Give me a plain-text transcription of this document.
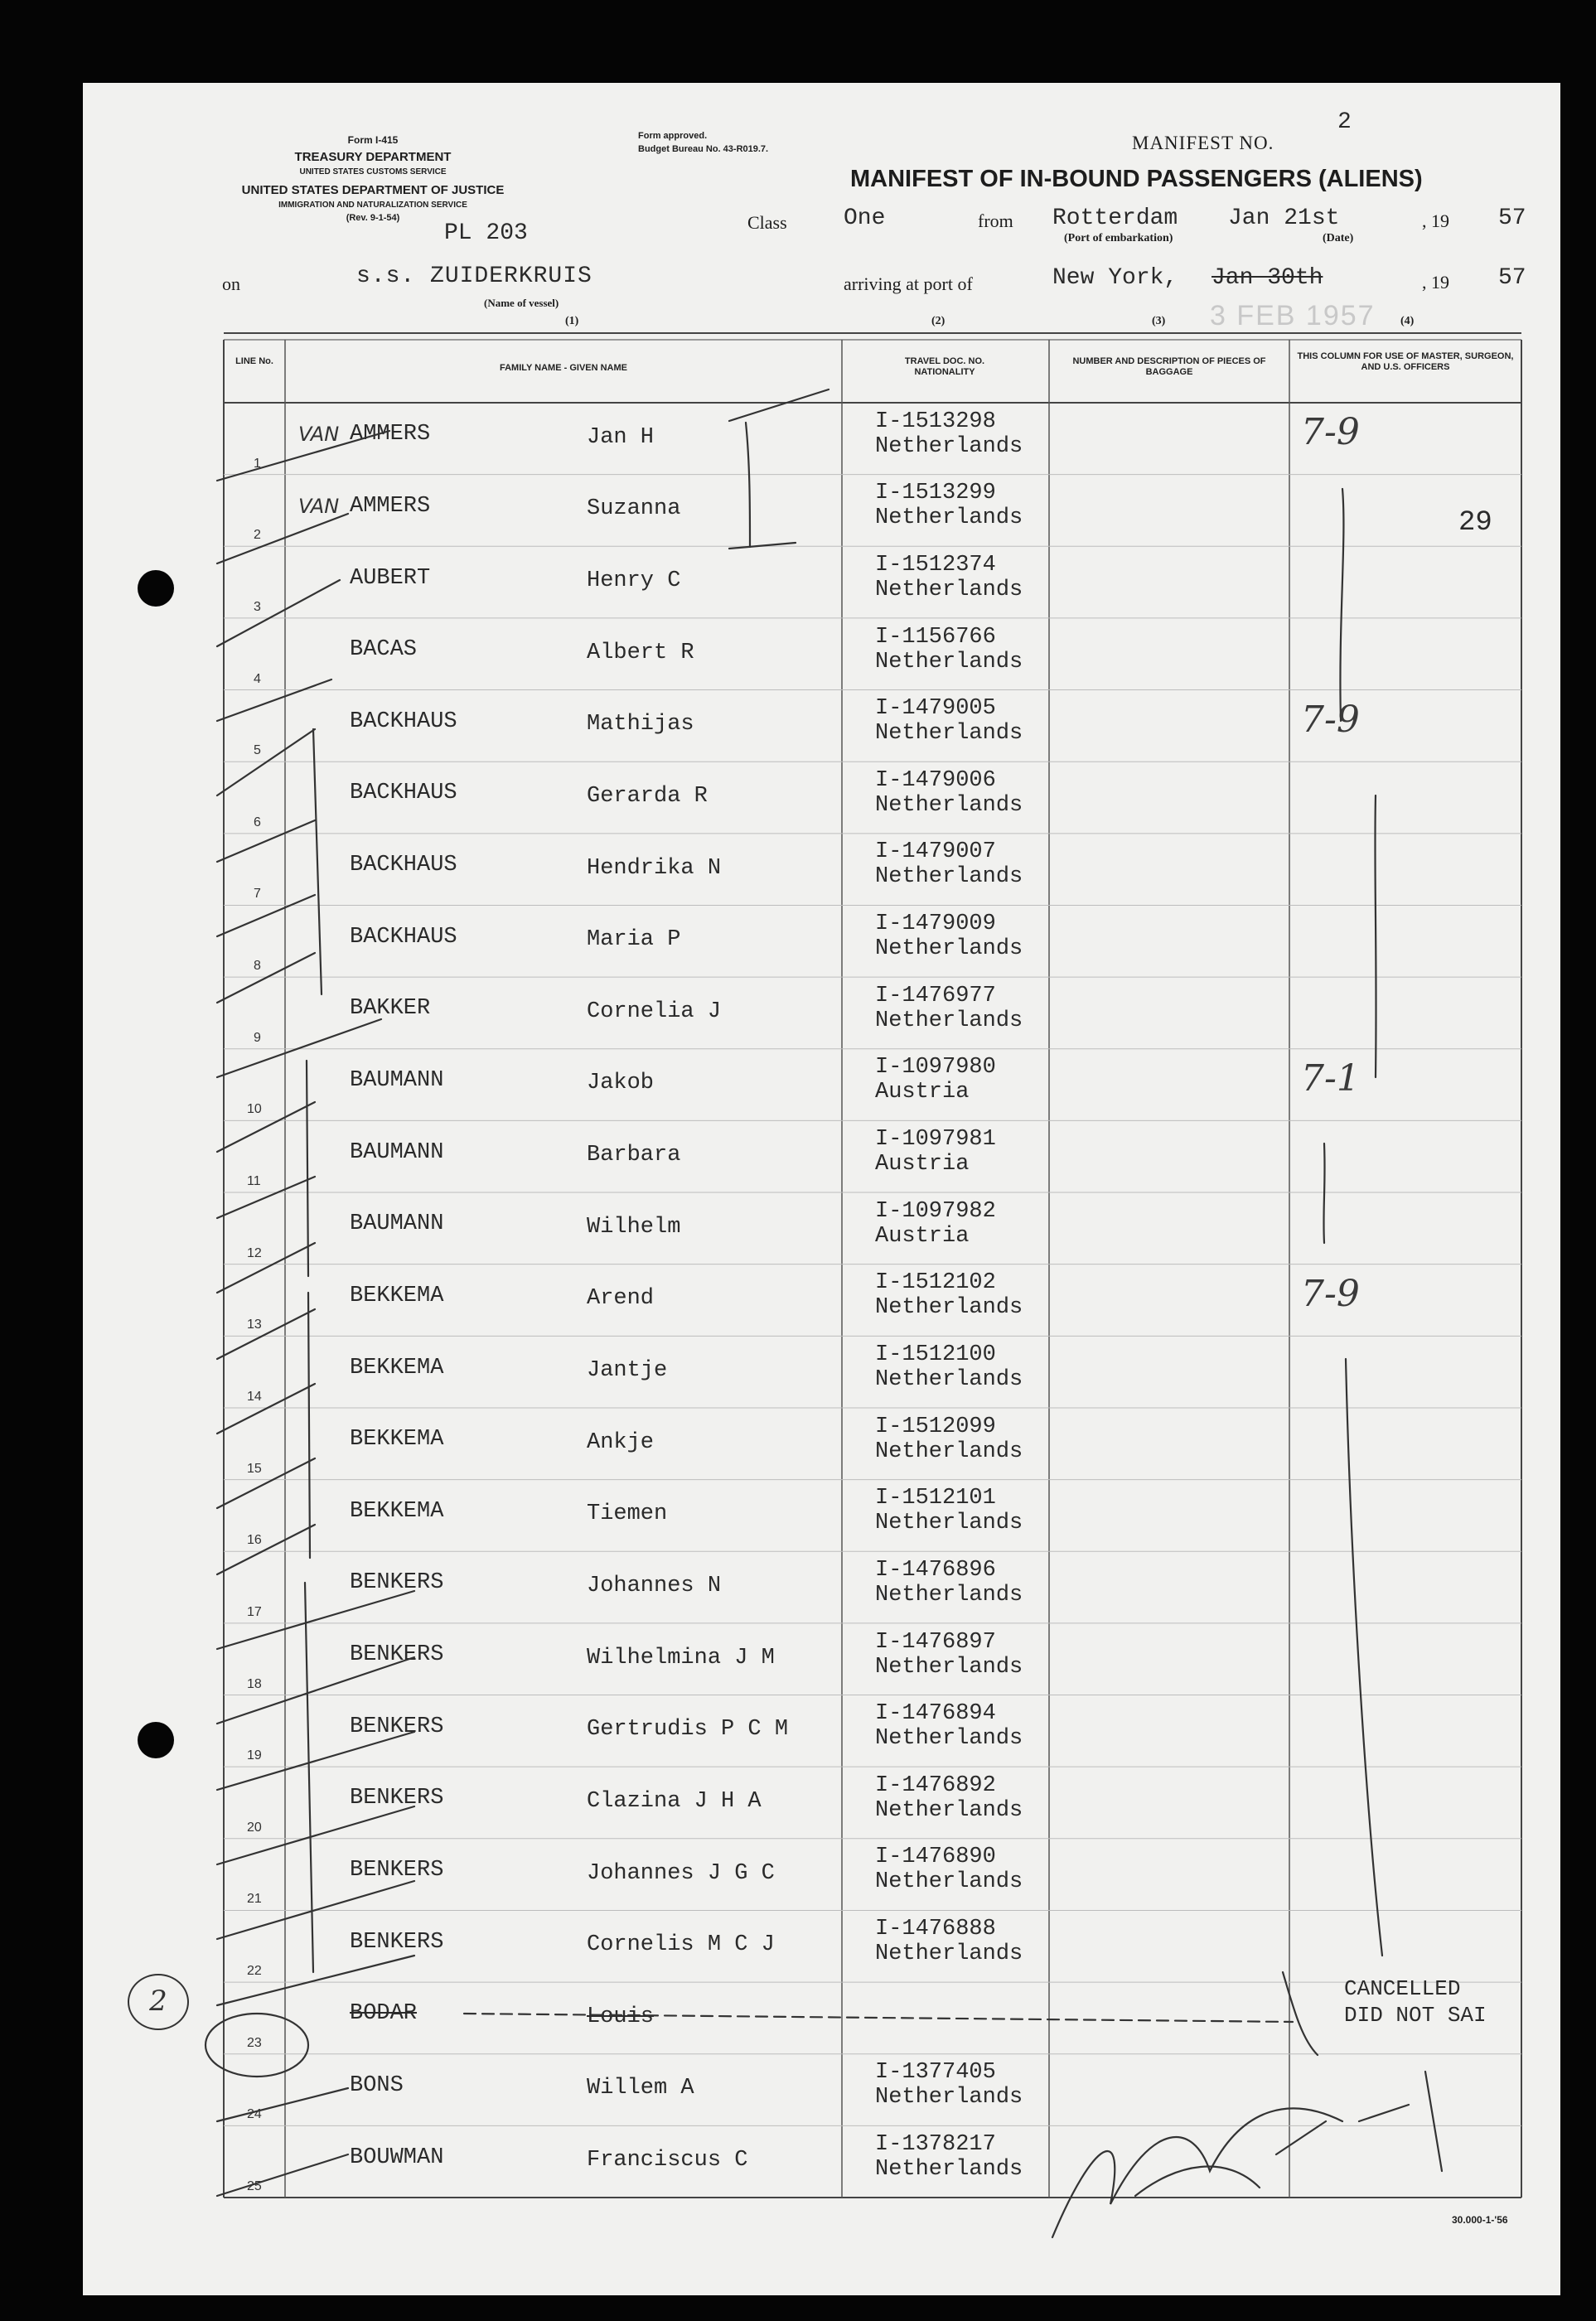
Form I-415
TREASURY DEPARTMENT
UNITED STATES CUSTOMS SERVICE
UNITED STATES DEPARTMENT OF JUSTICE
IMMIGRATION AND NATURALIZATION SERVICE
(Rev. 9-1-54)
PL 203
Form approved.
Budget Bureau No. 43-R019.7.	MANIFEST NO.
2
MANIFEST OF IN-BOUND PASSENGERS (ALIENS)
Class One	from Rotterdam Jan 21st
(Port of embarkation)	(Date)
, 19 57
on	s.s. ZUIDERKRUIS
(Name of vessel)
arriving at port of	New York, Jan 30th	, 19 57
3 FEB 1957
(1)	(2)	(3)	(4)
LINE No.
FAMILY NAME - GIVEN NAME
TRAVEL DOC. NO. NATIONALITY
NUMBER AND DESCRIPTION OF PIECES OF BAGGAGE
THIS COLUMN FOR USE OF MASTER, SURGEON, AND U.S. OFFICERS
1
VAN AMMERS	Jan H
I-1513298
Netherlands	7-9
2
VAN AMMERS	Suzanna
I-1513299
Netherlands
3
AUBERT	Henry C
I-1512374
Netherlands
4
BACAS	Albert R
I-1156766
Netherlands
5
BACKHAUS	Mathijas
I-1479005
Netherlands	7-9
6
BACKHAUS	Gerarda R
I-1479006
Netherlands
7
BACKHAUS	Hendrika N
I-1479007
Netherlands
8
BACKHAUS	Maria P
I-1479009
Netherlands
9
BAKKER	Cornelia J
I-1476977
Netherlands
10
BAUMANN	Jakob
I-1097980
Austria	7-1
11
BAUMANN	Barbara
I-1097981
Austria
12
BAUMANN	Wilhelm
I-1097982
Austria
13
BEKKEMA	Arend
I-1512102
Netherlands	7-9
14
BEKKEMA	Jantje
I-1512100
Netherlands
15
BEKKEMA	Ankje
I-1512099
Netherlands
16
BEKKEMA	Tiemen
I-1512101
Netherlands
17
BENKERS	Johannes N
I-1476896
Netherlands
18
BENKERS	Wilhelmina J M
I-1476897
Netherlands
19
BENKERS	Gertrudis P C M
I-1476894
Netherlands
20
BENKERS	Clazina J H A
I-1476892
Netherlands
21
BENKERS	Johannes J G C
I-1476890
Netherlands
22
BENKERS	Cornelis M C J
I-1476888
Netherlands
23
BODAR	Louis
24
BONS	Willem A
I-1377405
Netherlands
25
BOUWMAN	Franciscus C
I-1378217
Netherlands
CANCELLED
DID NOT SAI
29
2
30.000-1-'56
